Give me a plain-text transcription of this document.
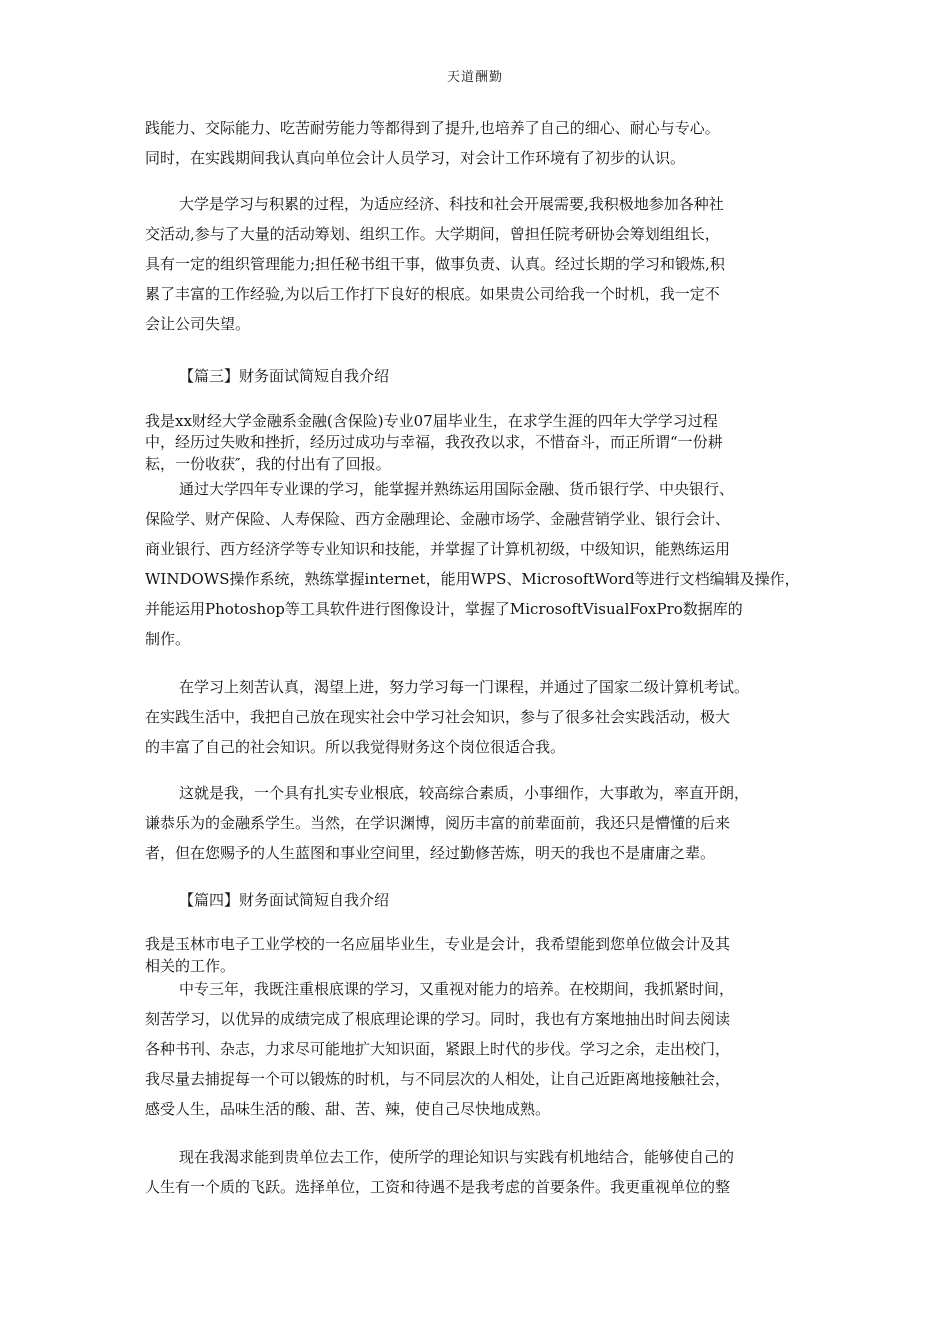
天道酬勤
践能力、交际能力、吃苦耐劳能力等都得到了提升,也培养了自己的细心、耐心与专心。
同时，在实践期间我认真向单位会计人员学习，对会计工作环境有了初步的认识。
大学是学习与积累的过程，为适应经济、科技和社会开展需要,我积极地参加各种社
交活动,参与了大量的活动筹划、组织工作。大学期间，曾担任院考研协会筹划组组长，
具有一定的组织管理能力;担任秘书组干事，做事负责、认真。经过长期的学习和锻炼,积
累了丰富的工作经验,为以后工作打下良好的根底。如果贵公司给我一个时机，我一定不
会让公司失望。
【篇三】财务面试简短自我介绍
我是xx财经大学金融系金融(含保险)专业07届毕业生，在求学生涯的四年大学学习过程
中，经历过失败和挫折，经历过成功与幸福，我孜孜以求，不惜奋斗，而正所谓“一份耕
耘，一份收获″，我的付出有了回报。
通过大学四年专业课的学习，能掌握并熟练运用国际金融、货币银行学、中央银行、
保险学、财产保险、人寿保险、西方金融理论、金融市场学、金融营销学业、银行会计、
商业银行、西方经济学等专业知识和技能，并掌握了计算机初级，中级知识，能熟练运用
WINDOWS操作系统，熟练掌握internet，能用WPS、MicrosoftWord等进行文档编辑及操作，
并能运用Photoshop等工具软件进行图像设计，掌握了MicrosoftVisualFoxPro数据库的
制作。
在学习上刻苦认真，渴望上进，努力学习每一门课程，并通过了国家二级计算机考试。
在实践生活中，我把自己放在现实社会中学习社会知识，参与了很多社会实践活动，极大
的丰富了自己的社会知识。所以我觉得财务这个岗位很适合我。
这就是我，一个具有扎实专业根底，较高综合素质，小事细作，大事敢为，率直开朗，
谦恭乐为的金融系学生。当然，在学识渊博，阅历丰富的前辈面前，我还只是懵懂的后来
者，但在您赐予的人生蓝图和事业空间里，经过勤修苦炼，明天的我也不是庸庸之辈。
【篇四】财务面试简短自我介绍
我是玉林市电子工业学校的一名应届毕业生，专业是会计，我希望能到您单位做会计及其
相关的工作。
中专三年，我既注重根底课的学习，又重视对能力的培养。在校期间，我抓紧时间，
刻苦学习，以优异的成绩完成了根底理论课的学习。同时，我也有方案地抽出时间去阅读
各种书刊、杂志，力求尽可能地扩大知识面，紧跟上时代的步伐。学习之余，走出校门，
我尽量去捕捉每一个可以锻炼的时机，与不同层次的人相处，让自己近距离地接触社会，
感受人生，品味生活的酸、甜、苦、辣，使自己尽快地成熟。
现在我渴求能到贵单位去工作，使所学的理论知识与实践有机地结合，能够使自己的
人生有一个质的飞跃。选择单位，工资和待遇不是我考虑的首要条件。我更重视单位的整
